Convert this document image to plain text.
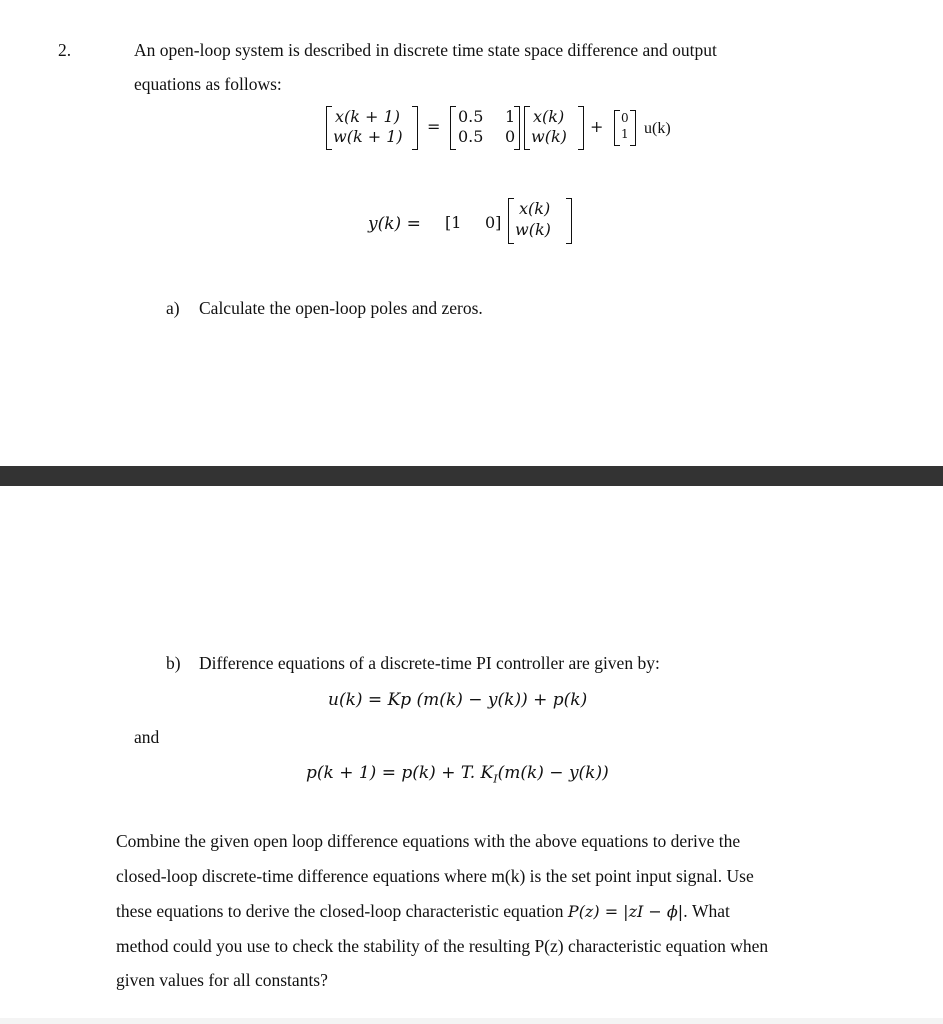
2.	An open-loop system is described in discrete time state space difference and output
equations as follows:
x(k + 1)
w(k + 1)
=
0.5 1
0.5 0
x(k)
w(k)
+ 0
1 u(k)
y(k) = [1 0]
x(k)
w(k)
a) Calculate the open-loop poles and zeros.
b) Difference equations of a discrete-time PI controller are given by:
u(k) = Kp (m(k) − y(k)) + p(k)
and
p(k + 1) = p(k) + T. $K_I(m(k) - y(k))$
Combine the given open loop difference equations with the above equations to derive the
closed-loop discrete-time difference equations where m(k) is the set point input signal. Use
these equations to derive the closed-loop characteristic equation P(z) = |zI − ϕ|. What
method could you use to check the stability of the resulting P(z) characteristic equation when
given values for all constants?
